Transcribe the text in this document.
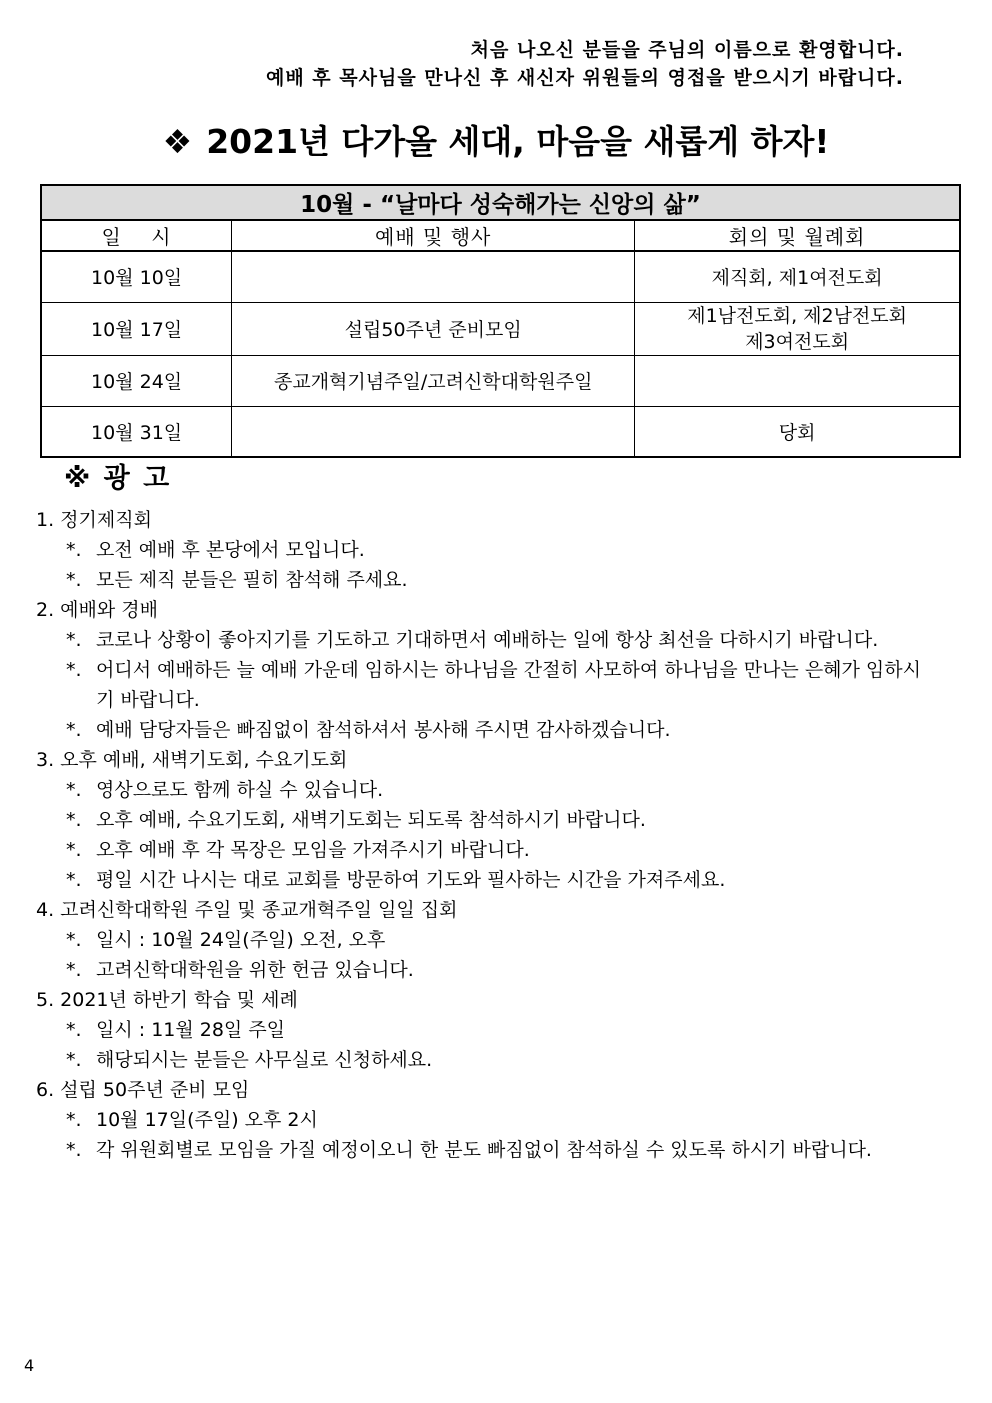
처음 나오신 분들을 주님의 이름으로 환영합니다.
예배 후 목사님을 만나신 후 새신자 위원들의 영접을 받으시기 바랍니다.
❖ 2021년 다가올 세대, 마음을 새롭게 하자!
10월 - “날마다 성숙해가는 신앙의 삶”		
일    시	예배 및 행사	회의 및 월례회
10월 10일		제직회, 제1여전도회
10월 17일	설립50주년 준비모임	제1남전도회, 제2남전도회
제3여전도회

10월 24일	종교개혁기념주일/고려신학대학원주일	
10월 31일		당회
※ 광 고
1. 정기제직회
*. 오전 예배 후 본당에서 모입니다.
*. 모든 제직 분들은 필히 참석해 주세요.
2. 예배와 경배
*. 코로나 상황이 좋아지기를 기도하고 기대하면서 예배하는 일에 항상 최선을 다하시기 바랍니다.
*. 어디서 예배하든 늘 예배 가운데 임하시는 하나님을 간절히 사모하여 하나님을 만나는 은혜가 임하시기 바랍니다.
*. 예배 담당자들은 빠짐없이 참석하셔서 봉사해 주시면 감사하겠습니다.
3. 오후 예배, 새벽기도회, 수요기도회
*. 영상으로도 함께 하실 수 있습니다.
*. 오후 예배, 수요기도회, 새벽기도회는 되도록 참석하시기 바랍니다.
*. 오후 예배 후 각 목장은 모임을 가져주시기 바랍니다.
*. 평일 시간 나시는 대로 교회를 방문하여 기도와 필사하는 시간을 가져주세요.
4. 고려신학대학원 주일 및 종교개혁주일 일일 집회
*. 일시 : 10월 24일(주일) 오전, 오후
*. 고려신학대학원을 위한 헌금 있습니다.
5. 2021년 하반기 학습 및 세례
*. 일시 : 11월 28일 주일
*. 해당되시는 분들은 사무실로 신청하세요.
6. 설립 50주년 준비 모임
*. 10월 17일(주일) 오후 2시
*. 각 위원회별로 모임을 가질 예정이오니 한 분도 빠짐없이 참석하실 수 있도록 하시기 바랍니다.
4
